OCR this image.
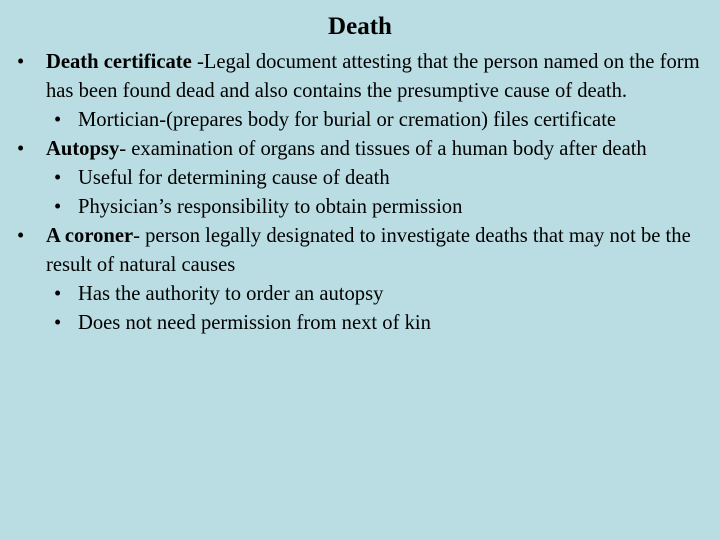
Death
• Death certificate -Legal document attesting that the person named on the form has been found dead and also contains the presumptive cause of death.
• Mortician-(prepares body for burial or cremation) files certificate
• Autopsy- examination of organs and tissues of a human body after death
• Useful for determining cause of death
• Physician’s responsibility to obtain permission
• A coroner- person legally designated to investigate deaths that may not be the result of natural causes
• Has the authority to order an autopsy
• Does not need permission from next of kin
